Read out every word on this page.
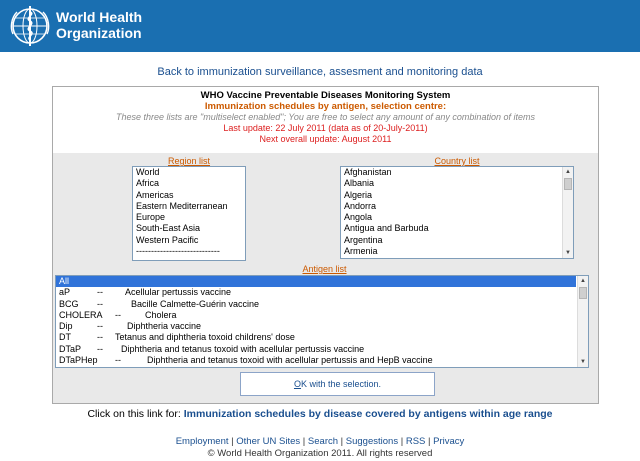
World Health
Organization
Back to immunization surveillance, assesment and monitoring data
WHO Vaccine Preventable Diseases Monitoring System
Immunization schedules by antigen, selection centre:
These three lists are "multiselect enabled"; You are free to select any amount of any combination of items
Last update: 22 July 2011 (data as of 20-July-2011)
Next overall update: August 2011
Region list
World
Africa
Americas
Eastern Mediterranean
Europe
South-East Asia
Western Pacific
----------------------------
Country list
Afghanistan
Albania
Algeria
Andorra
Angola
Antigua and Barbuda
Argentina
Armenia
▲
▼
Antigen list
All
aP	--	Acellular pertussis vaccine
BCG	--	Bacille Calmette-Guérin vaccine
CHOLERA	--	Cholera
Dip	--	Diphtheria vaccine
DT	--	Tetanus and diphtheria toxoid childrens' dose
DTaP	--	Diphtheria and tetanus toxoid with acellular pertussis vaccine
DTaPHep	--	Diphtheria and tetanus toxoid with acellular pertussis and HepB vaccine
▲
▼
OK with the selection.
Click on this link for: Immunization schedules by disease covered by antigens within age range
Employment | Other UN Sites | Search | Suggestions | RSS | Privacy
© World Health Organization 2011. All rights reserved
